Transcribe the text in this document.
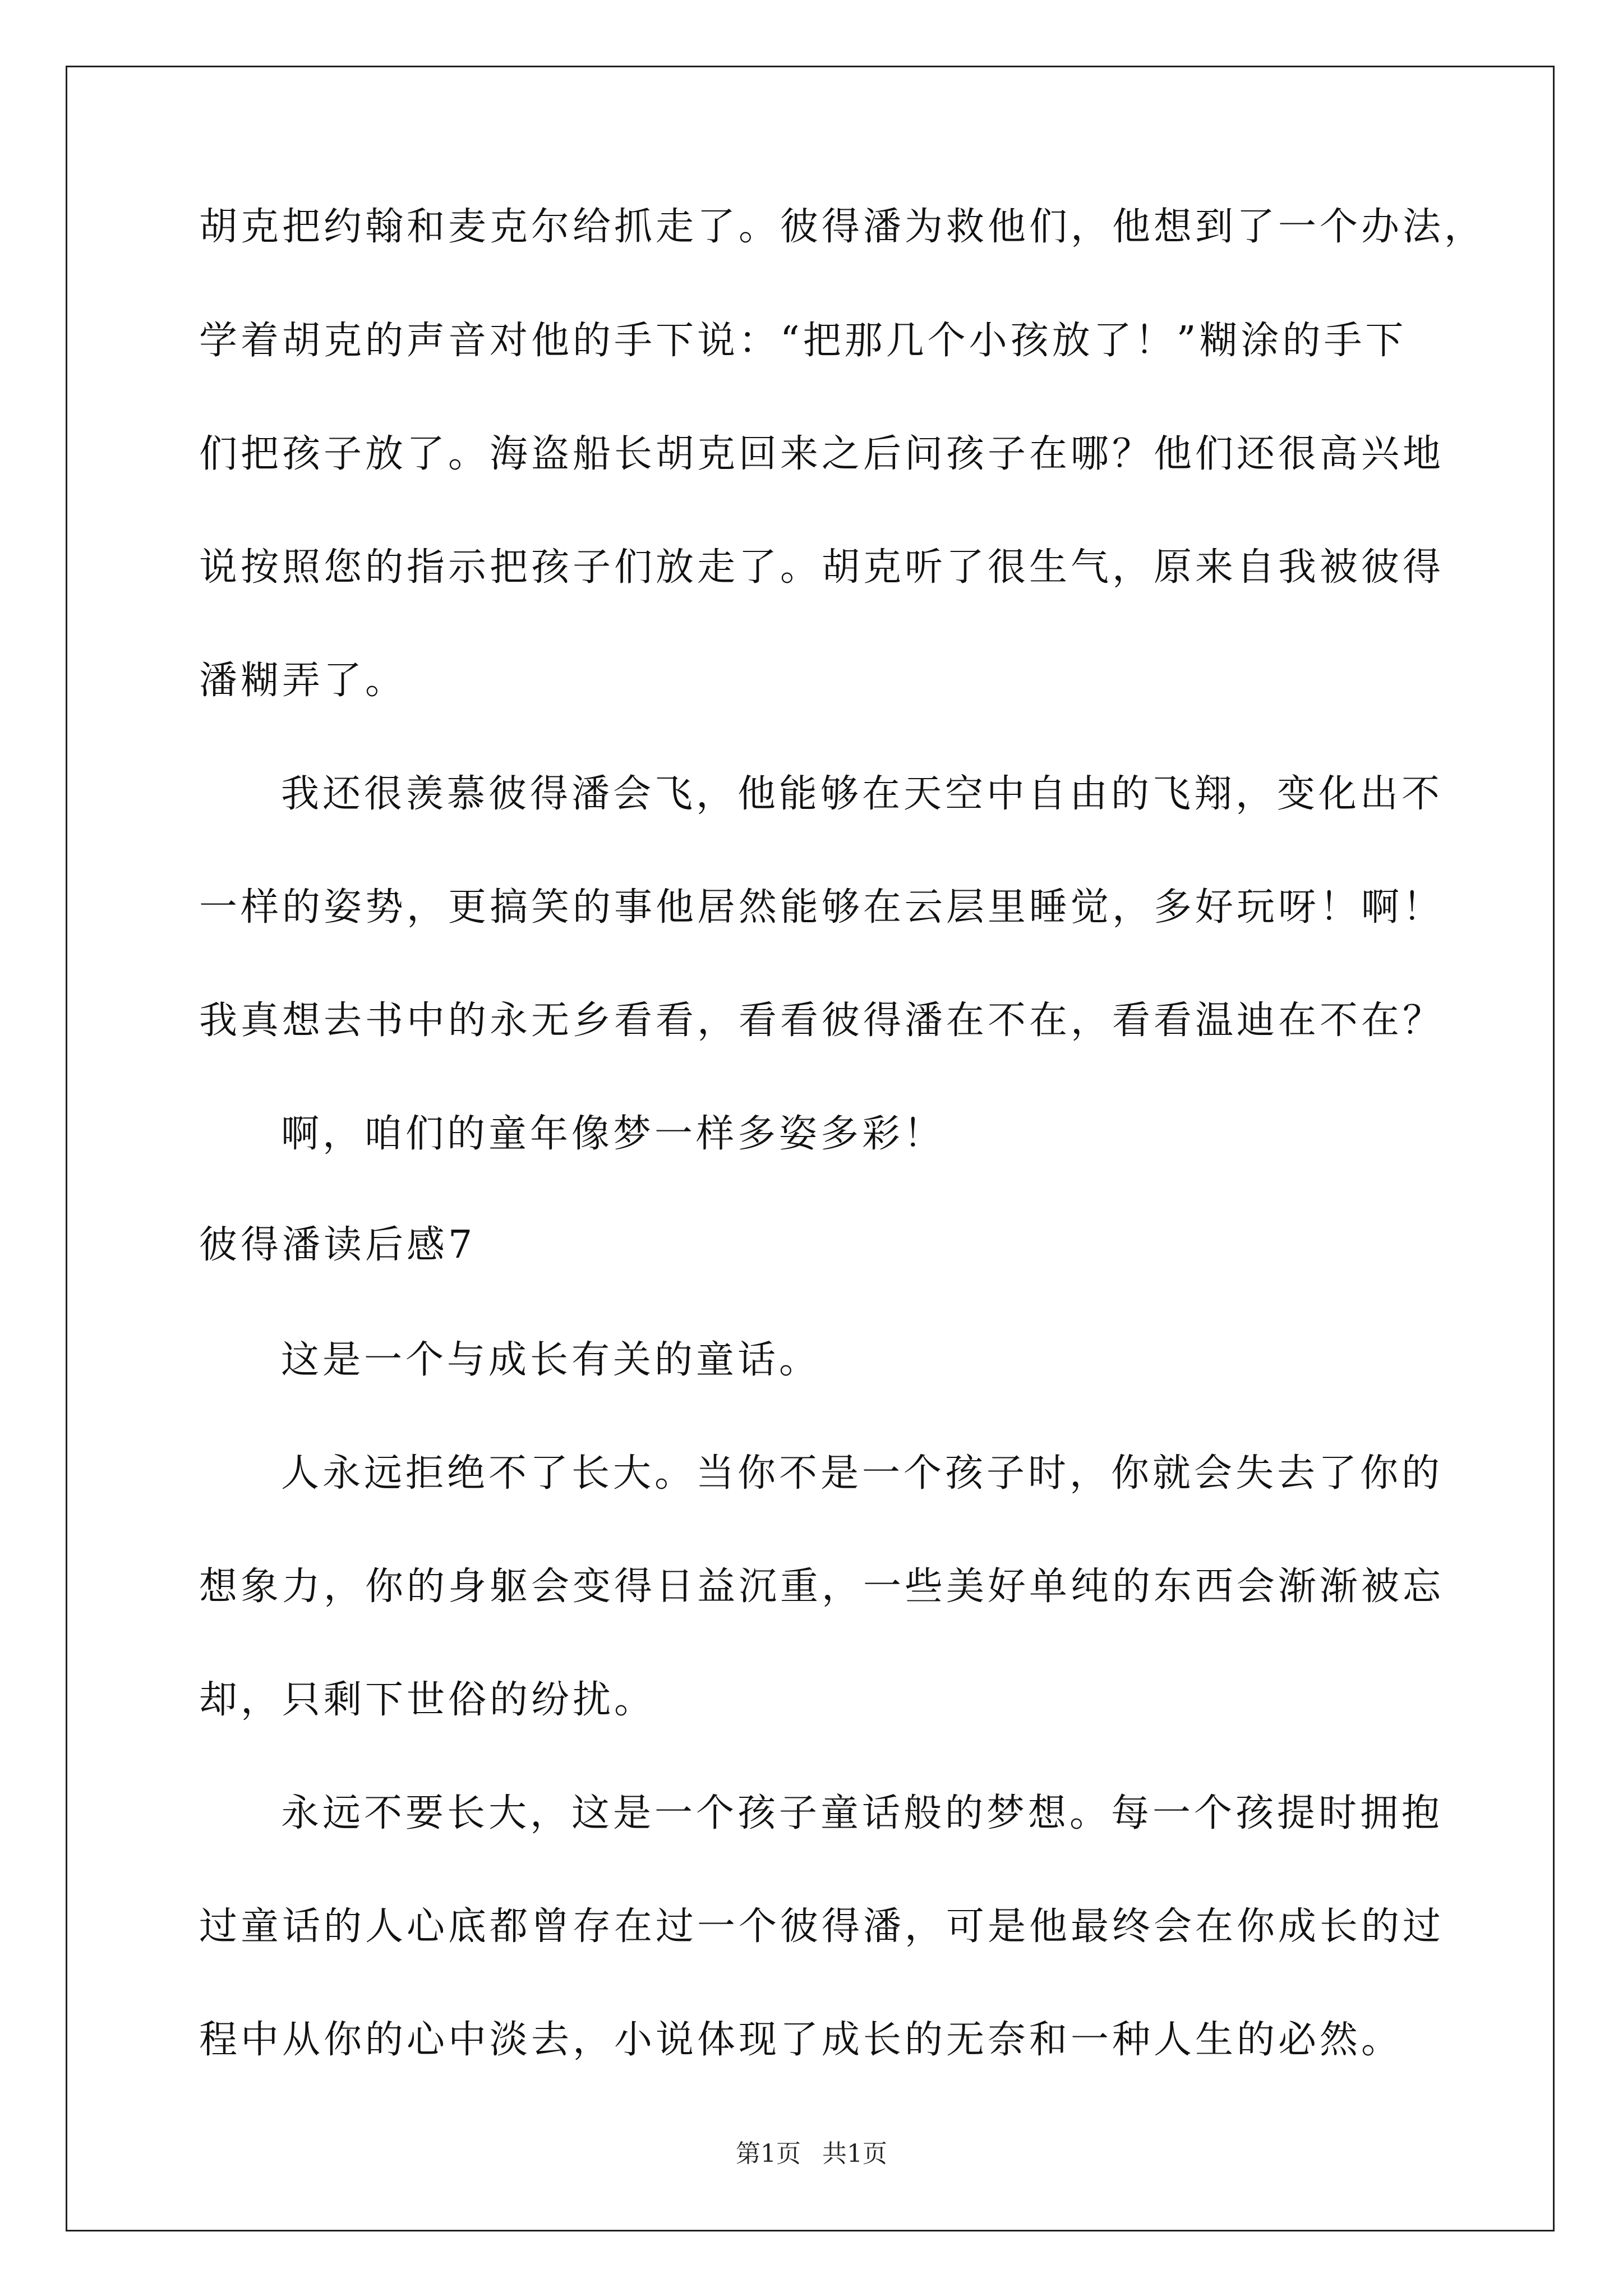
胡克把约翰和麦克尔给抓走了。彼得潘为救他们，他想到了一个办法，
学着胡克的声音对他的手下说：“把那几个小孩放了！”糊涂的手下
们把孩子放了。海盗船长胡克回来之后问孩子在哪？他们还很高兴地
说按照您的指示把孩子们放走了。胡克听了很生气，原来自我被彼得
潘糊弄了。
我还很羡慕彼得潘会飞，他能够在天空中自由的飞翔，变化出不
一样的姿势，更搞笑的事他居然能够在云层里睡觉，多好玩呀！啊！
我真想去书中的永无乡看看，看看彼得潘在不在，看看温迪在不在？
啊，咱们的童年像梦一样多姿多彩！
彼得潘读后感7
这是一个与成长有关的童话。
人永远拒绝不了长大。当你不是一个孩子时，你就会失去了你的
想象力，你的身躯会变得日益沉重，一些美好单纯的东西会渐渐被忘
却，只剩下世俗的纷扰。
永远不要长大，这是一个孩子童话般的梦想。每一个孩提时拥抱
过童话的人心底都曾存在过一个彼得潘，可是他最终会在你成长的过
程中从你的心中淡去，小说体现了成长的无奈和一种人生的必然。
第1页 共1页
